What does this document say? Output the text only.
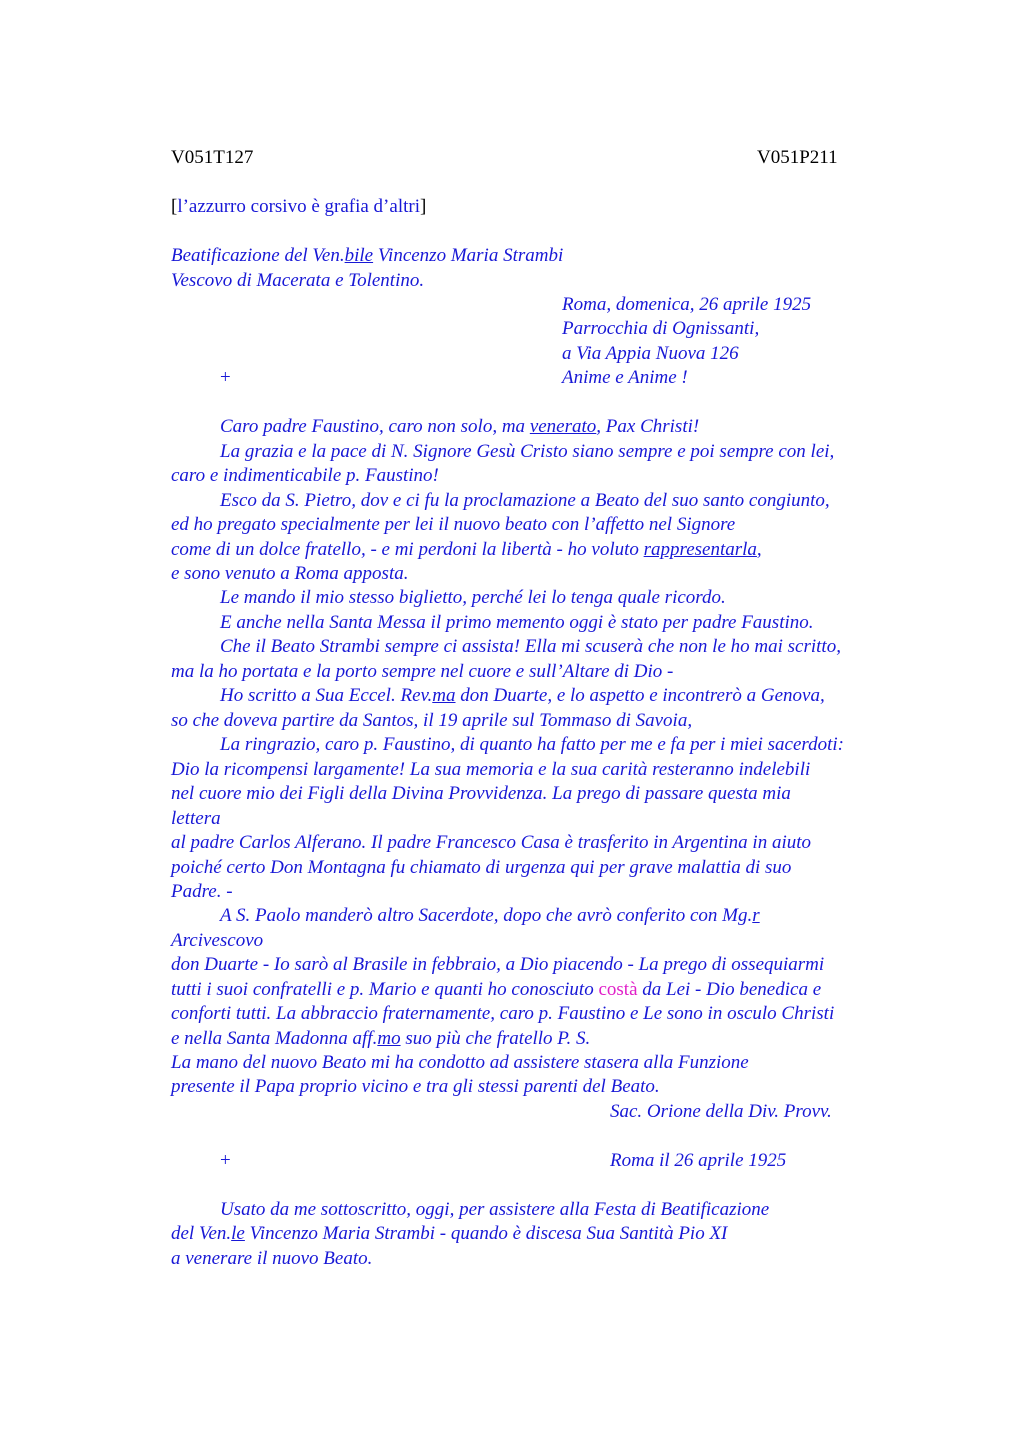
V051T127	V051P211
[l’azzurro corsivo è grafia d’altri]
Beatificazione del Ven.bile Vincenzo Maria Strambi
Vescovo di Macerata e Tolentino.
Roma, domenica, 26 aprile 1925
Parrocchia di Ognissanti,
a Via Appia Nuova 126
+	Anime e Anime !
Caro padre Faustino, caro non solo, ma venerato, Pax Christi!
La grazia e la pace di N. Signore Gesù Cristo siano sempre e poi sempre con lei,
caro e indimenticabile p. Faustino!
Esco da S. Pietro, dov e ci fu la proclamazione a Beato del suo santo congiunto,
ed ho pregato specialmente per lei il nuovo beato con l’affetto nel Signore
come di un dolce fratello, - e mi perdoni la libertà - ho voluto rappresentarla,
e sono venuto a Roma apposta.
Le mando il mio stesso biglietto, perché lei lo tenga quale ricordo.
E anche nella Santa Messa il primo memento oggi è stato per padre Faustino.
Che il Beato Strambi sempre ci assista! Ella mi scuserà che non le ho mai scritto,
ma la ho portata e la porto sempre nel cuore e sull’Altare di Dio -
Ho scritto a Sua Eccel. Rev.ma don Duarte, e lo aspetto e incontrerò a Genova,
so che doveva partire da Santos, il 19 aprile sul Tommaso di Savoia,
La ringrazio, caro p. Faustino, di quanto ha fatto per me e fa per i miei sacerdoti:
Dio la ricompensi largamente! La sua memoria e la sua carità resteranno indelebili
nel cuore mio dei Figli della Divina Provvidenza. La prego di passare questa mia
lettera
al padre Carlos Alferano. Il padre Francesco Casa è trasferito in Argentina in aiuto
poiché certo Don Montagna fu chiamato di urgenza qui per grave malattia di suo
Padre. -
A S. Paolo manderò altro Sacerdote, dopo che avrò conferito con Mg.r
Arcivescovo
don Duarte - Io sarò al Brasile in febbraio, a Dio piacendo - La prego di ossequiarmi
tutti i suoi confratelli e p. Mario e quanti ho conosciuto costà da Lei - Dio benedica e
conforti tutti. La abbraccio fraternamente, caro p. Faustino e Le sono in osculo Christi
e nella Santa Madonna aff.mo suo più che fratello P. S.
La mano del nuovo Beato mi ha condotto ad assistere stasera alla Funzione
presente il Papa proprio vicino e tra gli stessi parenti del Beato.
Sac. Orione della Div. Provv.
+	Roma il 26 aprile 1925
Usato da me sottoscritto, oggi, per assistere alla Festa di Beatificazione
del Ven.le Vincenzo Maria Strambi - quando è discesa Sua Santità Pio XI
a venerare il nuovo Beato.
